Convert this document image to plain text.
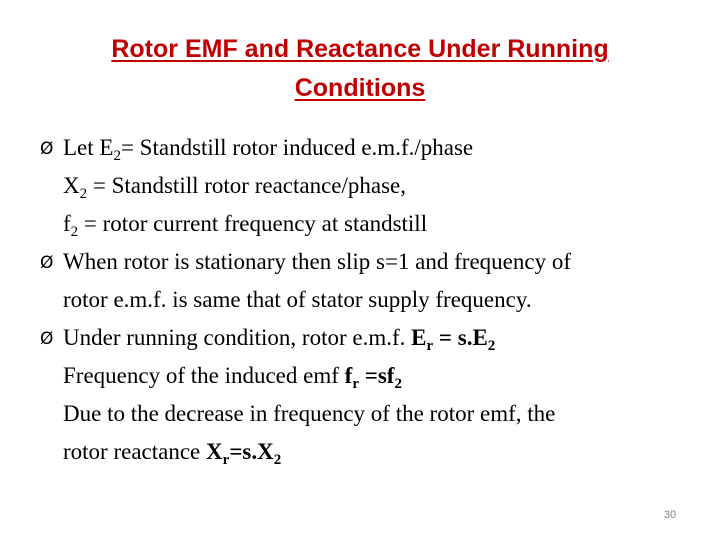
Rotor EMF and Reactance Under Running
Conditions
Ø Let $E_2=$ Standstill rotor induced e.m.f./phase
$X_2$ = Standstill rotor reactance/phase,
$f_2$ = rotor current frequency at standstill
Ø When rotor is stationary then slip s=1 and frequency of
rotor e.m.f. is same that of stator supply frequency.
Ø Under running condition, rotor e.m.f. $E_r = s.E_2$
Frequency of the induced emf $f_r =sf_2$
Due to the decrease in frequency of the rotor emf, the
rotor reactance $X_r=s.X_2$
30
